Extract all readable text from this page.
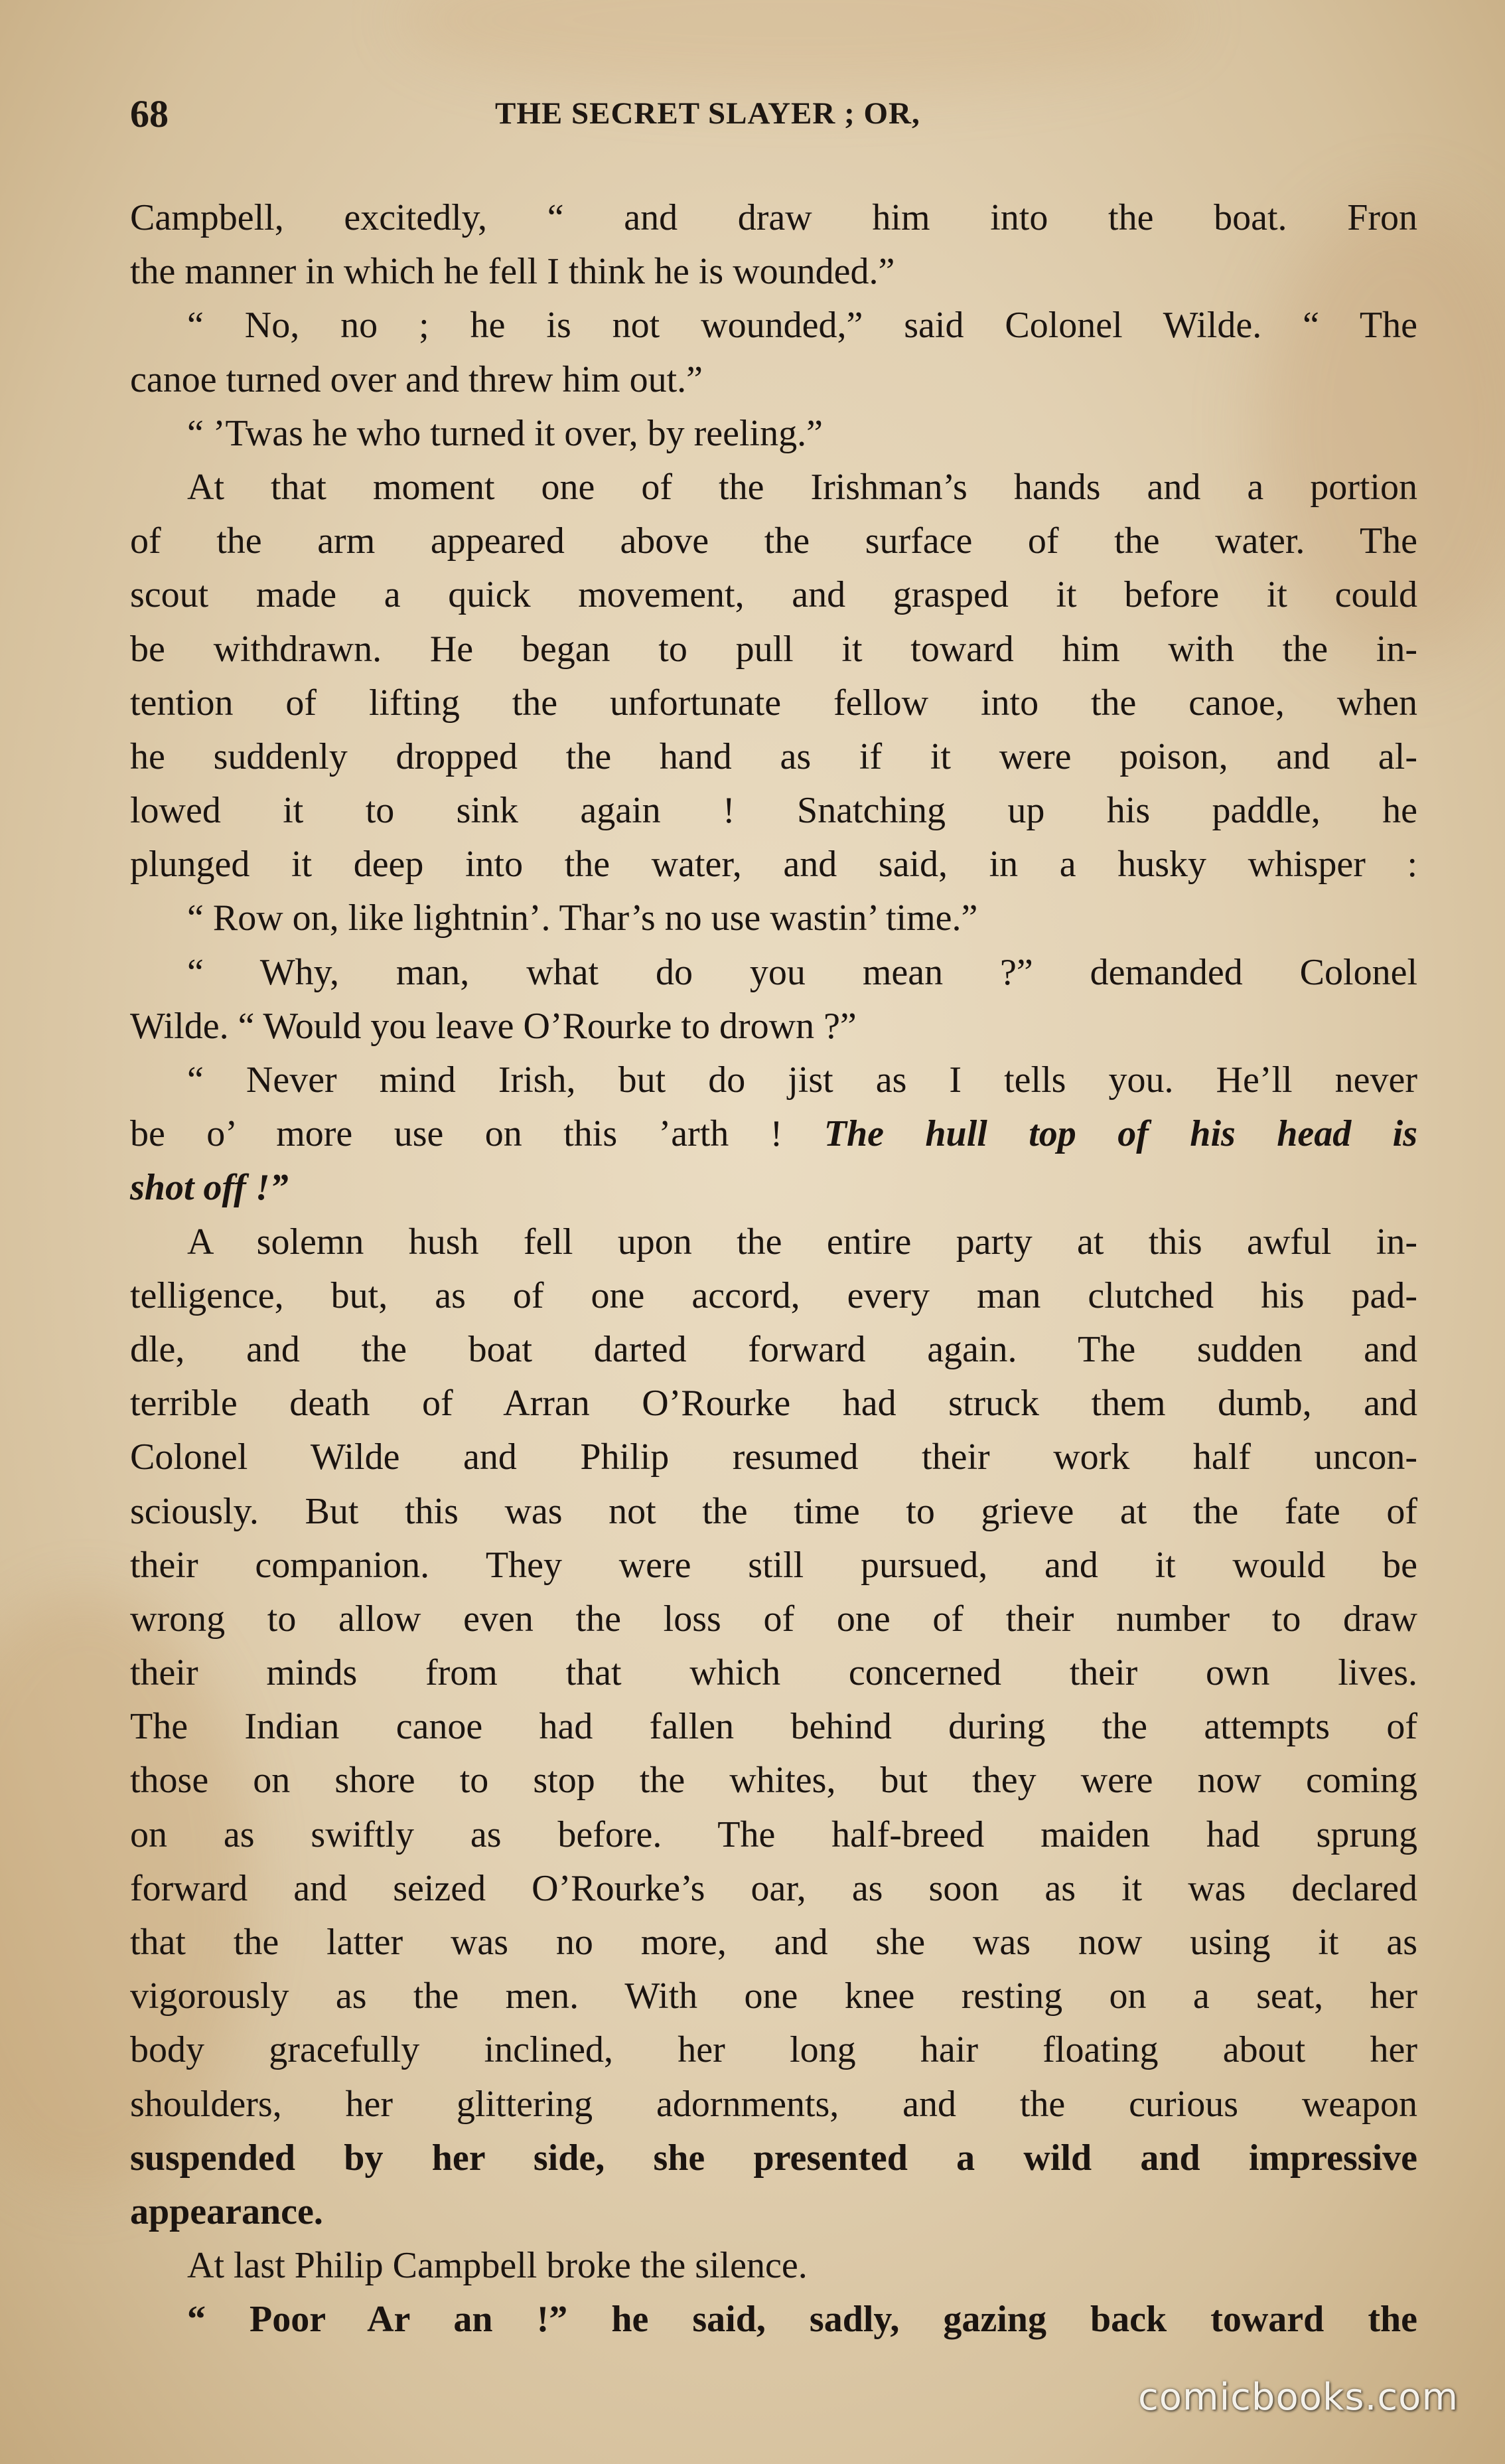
68	THE SECRET SLAYER ; OR,
Campbell, excitedly, “ and draw him into the boat. Fron
the manner in which he fell I think he is wounded.”
“ No, no ; he is not wounded,” said Colonel Wilde. “ The
canoe turned over and threw him out.”
“ ’Twas he who turned it over, by reeling.”
At that moment one of the Irishman’s hands and a portion
of the arm appeared above the surface of the water. The
scout made a quick movement, and grasped it before it could
be withdrawn. He began to pull it toward him with the in-
tention of lifting the unfortunate fellow into the canoe, when
he suddenly dropped the hand as if it were poison, and al-
lowed it to sink again ! Snatching up his paddle, he
plunged it deep into the water, and said, in a husky whisper :
“ Row on, like lightnin’. Thar’s no use wastin’ time.”
“ Why, man, what do you mean ?” demanded Colonel
Wilde. “ Would you leave O’Rourke to drown ?”
“ Never mind Irish, but do jist as I tells you. He’ll never
be o’ more use on this ’arth ! The hull top of his head is
shot off !”
A solemn hush fell upon the entire party at this awful in-
telligence, but, as of one accord, every man clutched his pad-
dle, and the boat darted forward again. The sudden and
terrible death of Arran O’Rourke had struck them dumb, and
Colonel Wilde and Philip resumed their work half uncon-
sciously. But this was not the time to grieve at the fate of
their companion. They were still pursued, and it would be
wrong to allow even the loss of one of their number to draw
their minds from that which concerned their own lives.
The Indian canoe had fallen behind during the attempts of
those on shore to stop the whites, but they were now coming
on as swiftly as before. The half-breed maiden had sprung
forward and seized O’Rourke’s oar, as soon as it was declared
that the latter was no more, and she was now using it as
vigorously as the men. With one knee resting on a seat, her
body gracefully inclined, her long hair floating about her
shoulders, her glittering adornments, and the curious weapon
suspended by her side, she presented a wild and impressive
appearance.
At last Philip Campbell broke the silence.
“ Poor Ar an !” he said, sadly, gazing back toward the
comicbooks.com
